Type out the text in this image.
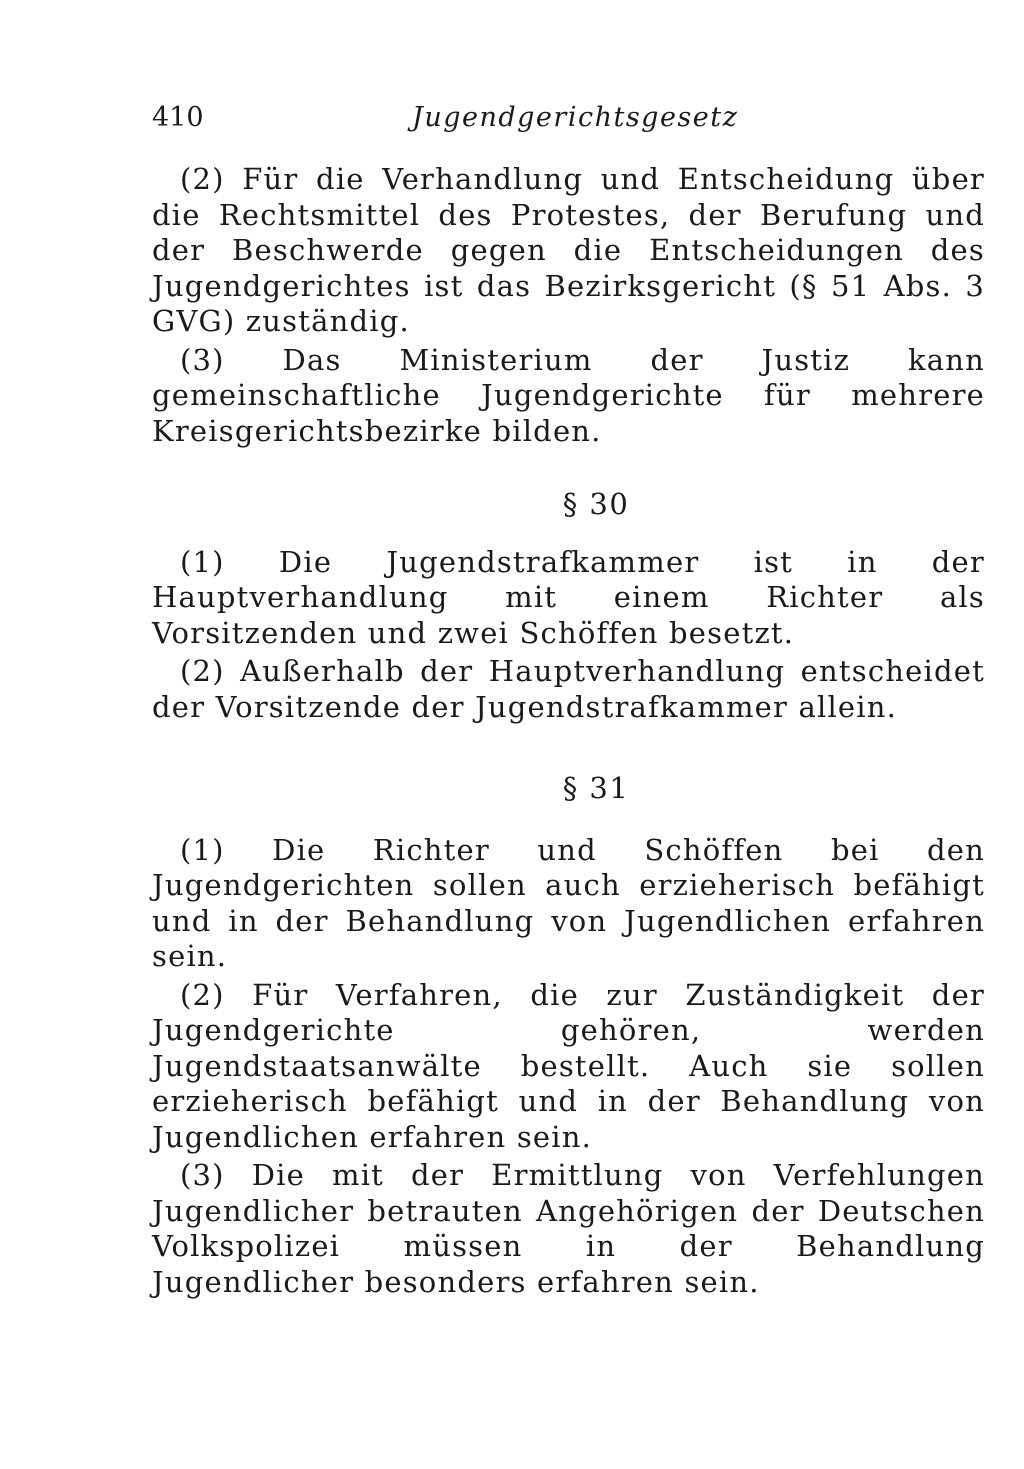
410	Jugendgerichtsgesetz

(2) Für die Verhandlung und Entscheidung über die Rechtsmittel des Protestes, der Berufung und der Beschwerde gegen die Entscheidungen des Jugendgerichtes ist das Bezirksgericht (§ 51 Abs. 3 GVG) zuständig.

(3) Das Ministerium der Justiz kann gemeinschaftliche Jugendgerichte für mehrere Kreisgerichtsbezirke bilden.

§ 30

(1) Die Jugendstrafkammer ist in der Hauptverhandlung mit einem Richter als Vorsitzenden und zwei Schöffen besetzt.

(2) Außerhalb der Hauptverhandlung entscheidet der Vorsitzende der Jugendstrafkammer allein.

§ 31

(1) Die Richter und Schöffen bei den Jugendgerichten sollen auch erzieherisch befähigt und in der Behandlung von Jugendlichen erfahren sein.

(2) Für Verfahren, die zur Zuständigkeit der Jugendgerichte gehören, werden Jugendstaatsanwälte bestellt. Auch sie sollen erzieherisch befähigt und in der Behandlung von Jugendlichen erfahren sein.

(3) Die mit der Ermittlung von Verfehlungen Jugendlicher betrauten Angehörigen der Deutschen Volkspolizei müssen in der Behandlung Jugendlicher besonders erfahren sein.
